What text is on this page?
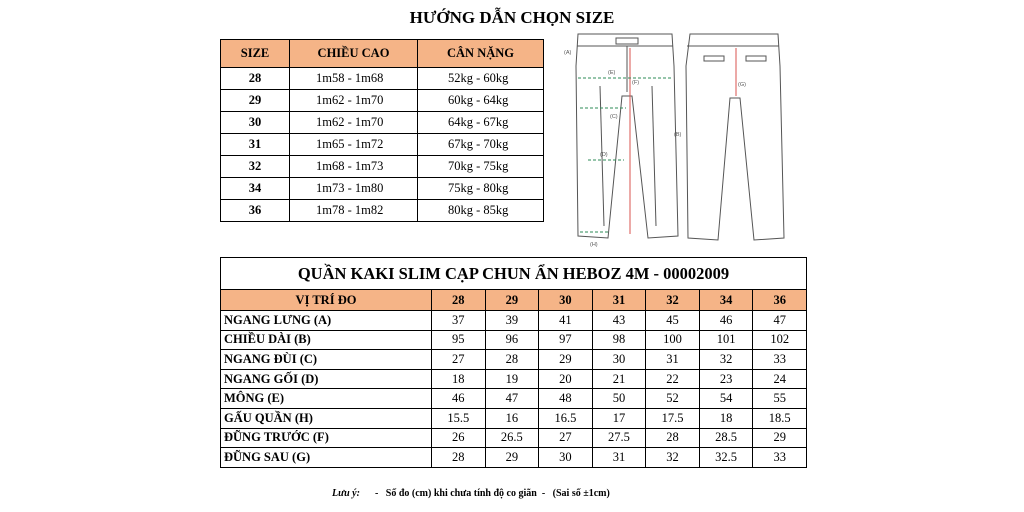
HƯỚNG DẪN CHỌN SIZE
SIZE	CHIỀU CAO	CÂN NẶNG
28	1m58 - 1m68	52kg - 60kg
29	1m62 - 1m70	60kg - 64kg
30	1m62 - 1m70	64kg - 67kg
31	1m65 - 1m72	67kg - 70kg
32	1m68 - 1m73	70kg - 75kg
34	1m73 - 1m80	75kg - 80kg
36	1m78 - 1m82	80kg - 85kg
(A)
(B)
(C)
(D)
(E)
(F)	(G)
(H)
QUẦN KAKI SLIM CẠP CHUN ẨN HEBOZ 4M - 00002009
VỊ TRÍ ĐO	28	29	30	31	32	34	36
NGANG LƯNG (A)	37	39	41	43	45	46	47
CHIỀU DÀI (B)	95	96	97	98	100	101	102
NGANG ĐÙI (C)	27	28	29	30	31	32	33
NGANG GỐI (D)	18	19	20	21	22	23	24
MÔNG (E)	46	47	48	50	52	54	55
GẤU QUẦN (H)	15.5	16	16.5	17	17.5	18	18.5
ĐŨNG TRƯỚC (F)	26	26.5	27	27.5	28	28.5	29
ĐŨNG SAU (G)	28	29	30	31	32	32.5	33
Lưu ý: - Số đo (cm) khi chưa tính độ co giãn - (Sai số ±1cm)
